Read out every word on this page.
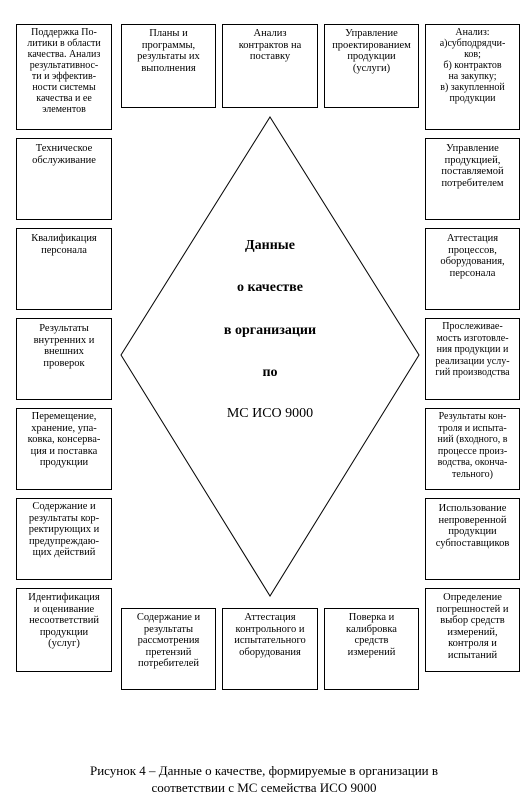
Поддержка По-
литики в области
качества. Анализ
результативнос-
ти и эффектив-
ности системы
качества и ее
элементов
Планы и
программы,
результаты их
выполнения
Анализ
контрактов на
поставку
Управление
проектированием
продукции
(услуги)
Анализ:
а)субподрядчи-
ков;
б) контрактов
на закупку;
в) закупленной
продукции
Техническое
обслуживание
Квалификация
персонала
Результаты
внутренних и
внешних
проверок
Перемещение,
хранение, упа-
ковка, консерва-
ция и поставка
продукции
Содержание и
результаты кор-
ректирующих и
предупреждаю-
щих действий
Идентификация
и оценивание
несоответствий
продукции
(услуг)
Управление
продукцией,
поставляемой
потребителем
Аттестация
процессов,
оборудования,
персонала
Прослеживае-
мость изготовле-
ния продукции и
реализации услу-
гий производства
Результаты кон-
троля и испыта-
ний (входного, в
процессе произ-
водства, оконча-
тельного)
Использование
непроверенной
продукции
субпоставщиков
Определение
погрешностей и
выбор средств
измерений,
контроля и
испытаний
Содержание и
результаты
рассмотрения
претензий
потребителей
Аттестация
контрольного и
испытательного
оборудования
Поверка и
калибровка
средств
измерений
Данные
о качестве
в организации
по
МС ИСО 9000
Рисунок 4 – Данные о качестве, формируемые в организации в
соответствии с МС семейства ИСО 9000
